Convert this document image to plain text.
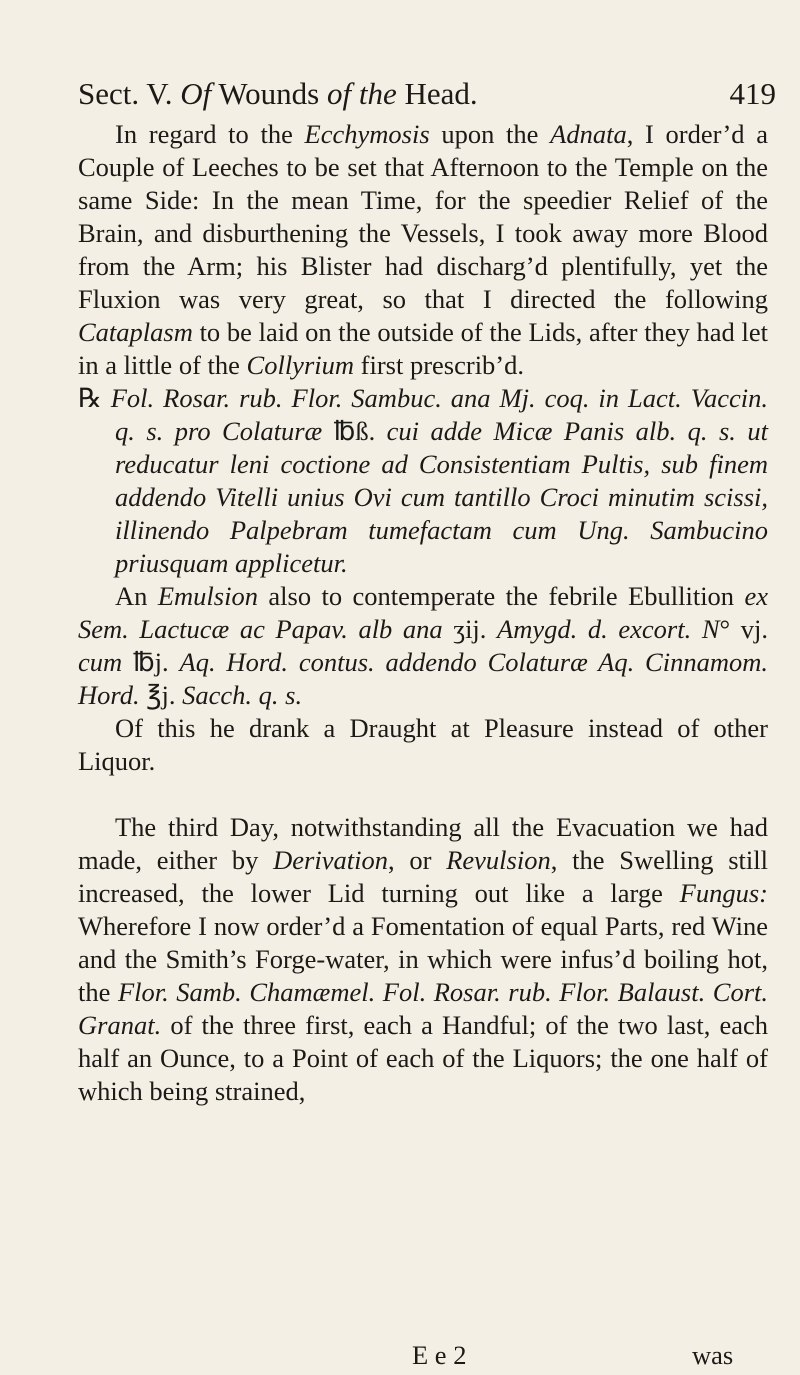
Sect. V. Of Wounds of the Head.	419

In regard to the Ecchymosis upon the Adnata, I order’d a Couple of Leeches to be set that Afternoon to the Temple on the same Side: In the mean Time, for the speedier Relief of the Brain, and disburthening the Vessels, I took away more Blood from the Arm; his Blister had discharg’d plentifully, yet the Fluxion was very great, so that I directed the following Cataplasm to be laid on the outside of the Lids, after they had let in a little of the Collyrium first prescrib’d.

℞ Fol. Rosar. rub. Flor. Sambuc. ana Mj. coq. in Lact. Vaccin. q. s. pro Colaturæ ℔ß. cui adde Micæ Panis alb. q. s. ut reducatur leni coctione ad Consistentiam Pultis, sub finem addendo Vitelli unius Ovi cum tantillo Croci minutim scissi, illinendo Palpebram tumefactam cum Ung. Sambucino priusquam applicetur.

An Emulsion also to contemperate the febrile Ebullition ex Sem. Lactucæ ac Papav. alb ana ʒij. Amygd. d. excort. N° vj. cum ℔j. Aq. Hord. contus. addendo Colaturæ Aq. Cinnamom. Hord. ℥j. Sacch. q. s.

Of this he drank a Draught at Pleasure instead of other Liquor.

The third Day, notwithstanding all the Evacuation we had made, either by Derivation, or Revulsion, the Swelling still increased, the lower Lid turning out like a large Fungus: Wherefore I now order’d a Fomentation of equal Parts, red Wine and the Smith’s Forge-water, in which were infus’d boiling hot, the Flor. Samb. Chamæmel. Fol. Rosar. rub. Flor. Balaust. Cort. Granat. of the three first, each a Handful; of the two last, each half an Ounce, to a Point of each of the Liquors; the one half of which being strained,

E e 2	was
